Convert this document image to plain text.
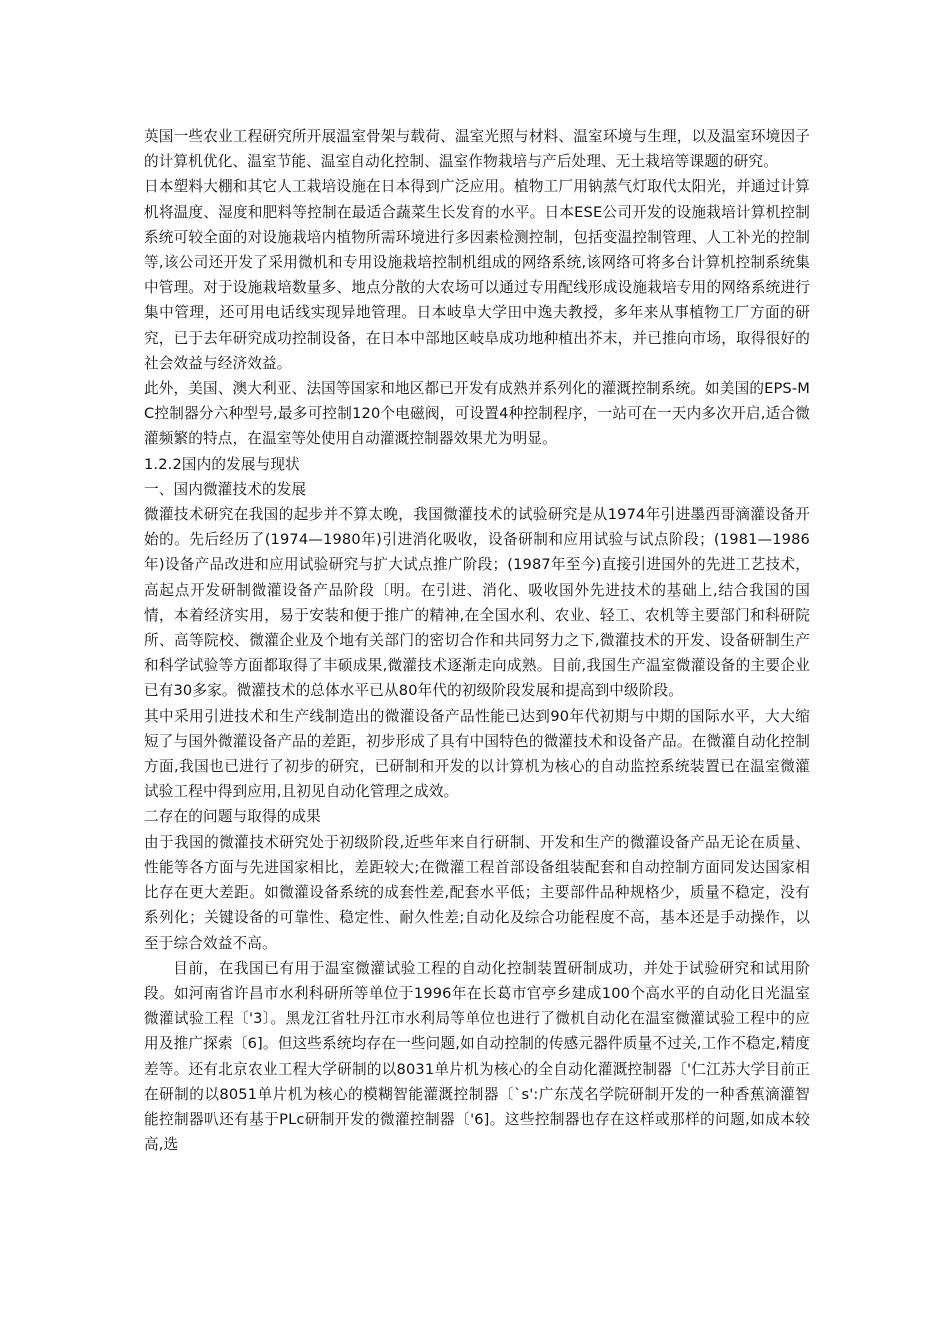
英国一些农业工程研究所开展温室骨架与载荷、温室光照与材料、温室环境与生理，以及温室环境因子的计算机优化、温室节能、温室自动化控制、温室作物栽培与产后处理、无土栽培等课题的研究。

日本塑料大棚和其它人工栽培设施在日本得到广泛应用。植物工厂用钠蒸气灯取代太阳光，并通过计算机将温度、湿度和肥料等控制在最适合蔬菜生长发育的水平。日本ESE公司开发的设施栽培计算机控制系统可较全面的对设施栽培内植物所需环境进行多因素检测控制，包括变温控制管理、人工补光的控制等,该公司还开发了采用微机和专用设施栽培控制机组成的网络系统,该网络可将多台计算机控制系统集中管理。对于设施栽培数量多、地点分散的大农场可以通过专用配线形成设施栽培专用的网络系统进行集中管理，还可用电话线实现异地管理。日本岐阜大学田中逸夫教授，多年来从事植物工厂方面的研究，已于去年研究成功控制设备，在日本中部地区岐阜成功地种植出芥末，并已推向市场，取得很好的社会效益与经济效益。

此外，美国、澳大利亚、法国等国家和地区都已开发有成熟并系列化的灌溉控制系统。如美国的EPS-MC控制器分六种型号,最多可控制120个电磁阀，可设置4种控制程序，一站可在一天内多次开启,适合微灌频繁的特点，在温室等处使用自动灌溉控制器效果尤为明显。

1.2.2国内的发展与现状

一、国内微灌技术的发展

微灌技术研究在我国的起步并不算太晚，我国微灌技术的试验研究是从1974年引进墨西哥滴灌设备开始的。先后经历了(1974—1980年)引进消化吸收，设备研制和应用试验与试点阶段；(1981—1986年)设备产品改进和应用试验研究与扩大试点推广阶段；(1987年至今)直接引进国外的先进工艺技术，高起点开发研制微灌设备产品阶段〔明。在引进、消化、吸收国外先进技术的基础上,结合我国的国情，本着经济实用，易于安装和便于推广的精神,在全国水利、农业、轻工、农机等主要部门和科研院所、高等院校、微灌企业及个地有关部门的密切合作和共同努力之下,微灌技术的开发、设备研制生产和科学试验等方面都取得了丰硕成果,微灌技术逐渐走向成熟。目前,我国生产温室微灌设备的主要企业已有30多家。微灌技术的总体水平已从80年代的初级阶段发展和提高到中级阶段。

其中采用引进技术和生产线制造出的微灌设备产品性能已达到90年代初期与中期的国际水平，大大缩短了与国外微灌设备产品的差距，初步形成了具有中国特色的微灌技术和设备产品。在微灌自动化控制方面,我国也已进行了初步的研究，已研制和开发的以计算机为核心的自动监控系统装置已在温室微灌试验工程中得到应用,且初见自动化管理之成效。

二存在的问题与取得的成果

由于我国的微灌技术研究处于初级阶段,近些年来自行研制、开发和生产的微灌设备产品无论在质量、性能等各方面与先进国家相比，差距较大;在微灌工程首部设备组装配套和自动控制方面同发达国家相比存在更大差距。如微灌设备系统的成套性差,配套水平低；主要部件品种规格少，质量不稳定，没有系列化；关键设备的可靠性、稳定性、耐久性差;自动化及综合功能程度不高，基本还是手动操作，以至于综合效益不高。

目前，在我国已有用于温室微灌试验工程的自动化控制装置研制成功，并处于试验研究和试用阶段。如河南省许昌市水利科研所等单位于1996年在长葛市官亭乡建成100个高水平的自动化日光温室微灌试验工程〔'3〕。黑龙江省牡丹江市水利局等单位也进行了微机自动化在温室微灌试验工程中的应用及推广探索〔6]。但这些系统均存在一些问题,如自动控制的传感元器件质量不过关,工作不稳定,精度差等。还有北京农业工程大学研制的以8031单片机为核心的全自动化灌溉控制器〔'仁江苏大学目前正在研制的以8051单片机为核心的模糊智能灌溉控制器〔`s':广东茂名学院研制开发的一种香蕉滴灌智能控制器叭还有基于PLc研制开发的微灌控制器〔'6]。这些控制器也存在这样或那样的问题,如成本较高,选
